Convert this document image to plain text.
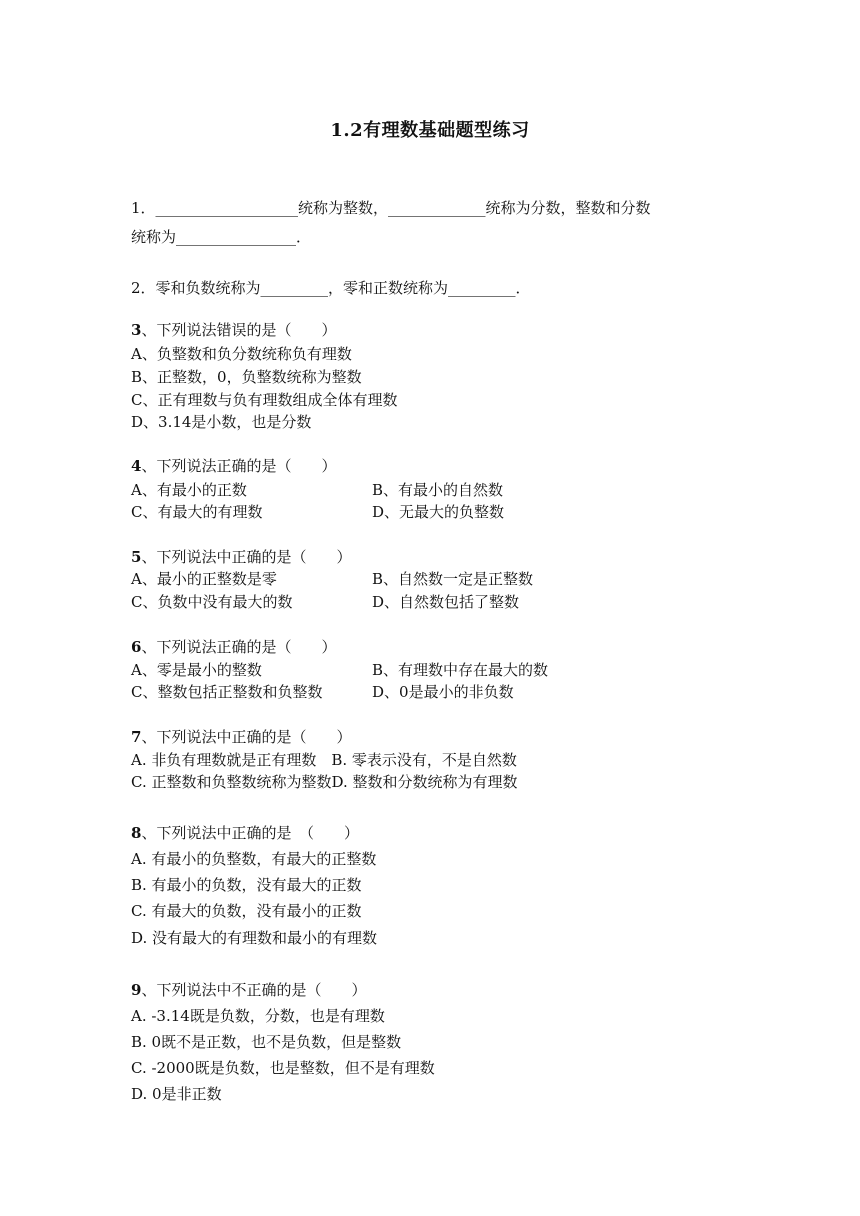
1.2有理数基础题型练习
1．___________________统称为整数，_____________统称为分数，整数和分数
统称为________________．
2．零和负数统称为_________，零和正数统称为_________．
3、下列说法错误的是（　　）
A、负整数和负分数统称负有理数
B、正整数，0，负整数统称为整数
C、正有理数与负有理数组成全体有理数
D、3.14是小数，也是分数
4、下列说法正确的是（　　）
A、有最小的正数	B、有最小的自然数
C、有最大的有理数	D、无最大的负整数
5、下列说法中正确的是（　　）
A、最小的正整数是零	B、自然数一定是正整数
C、负数中没有最大的数	D、自然数包括了整数
6、下列说法正确的是（　　）
A、零是最小的整数	B、有理数中存在最大的数
C、整数包括正整数和负整数	D、0是最小的非负数
7、下列说法中正确的是（　　）
A. 非负有理数就是正有理数　B. 零表示没有，不是自然数
C. 正整数和负整数统称为整数D. 整数和分数统称为有理数
8、下列说法中正确的是　（　　）
A. 有最小的负整数，有最大的正整数
B. 有最小的负数，没有最大的正数
C. 有最大的负数，没有最小的正数
D. 没有最大的有理数和最小的有理数
9、下列说法中不正确的是（　　）
A. -3.14既是负数，分数，也是有理数
B. 0既不是正数，也不是负数，但是整数
C. -2000既是负数，也是整数，但不是有理数
D. 0是非正数
